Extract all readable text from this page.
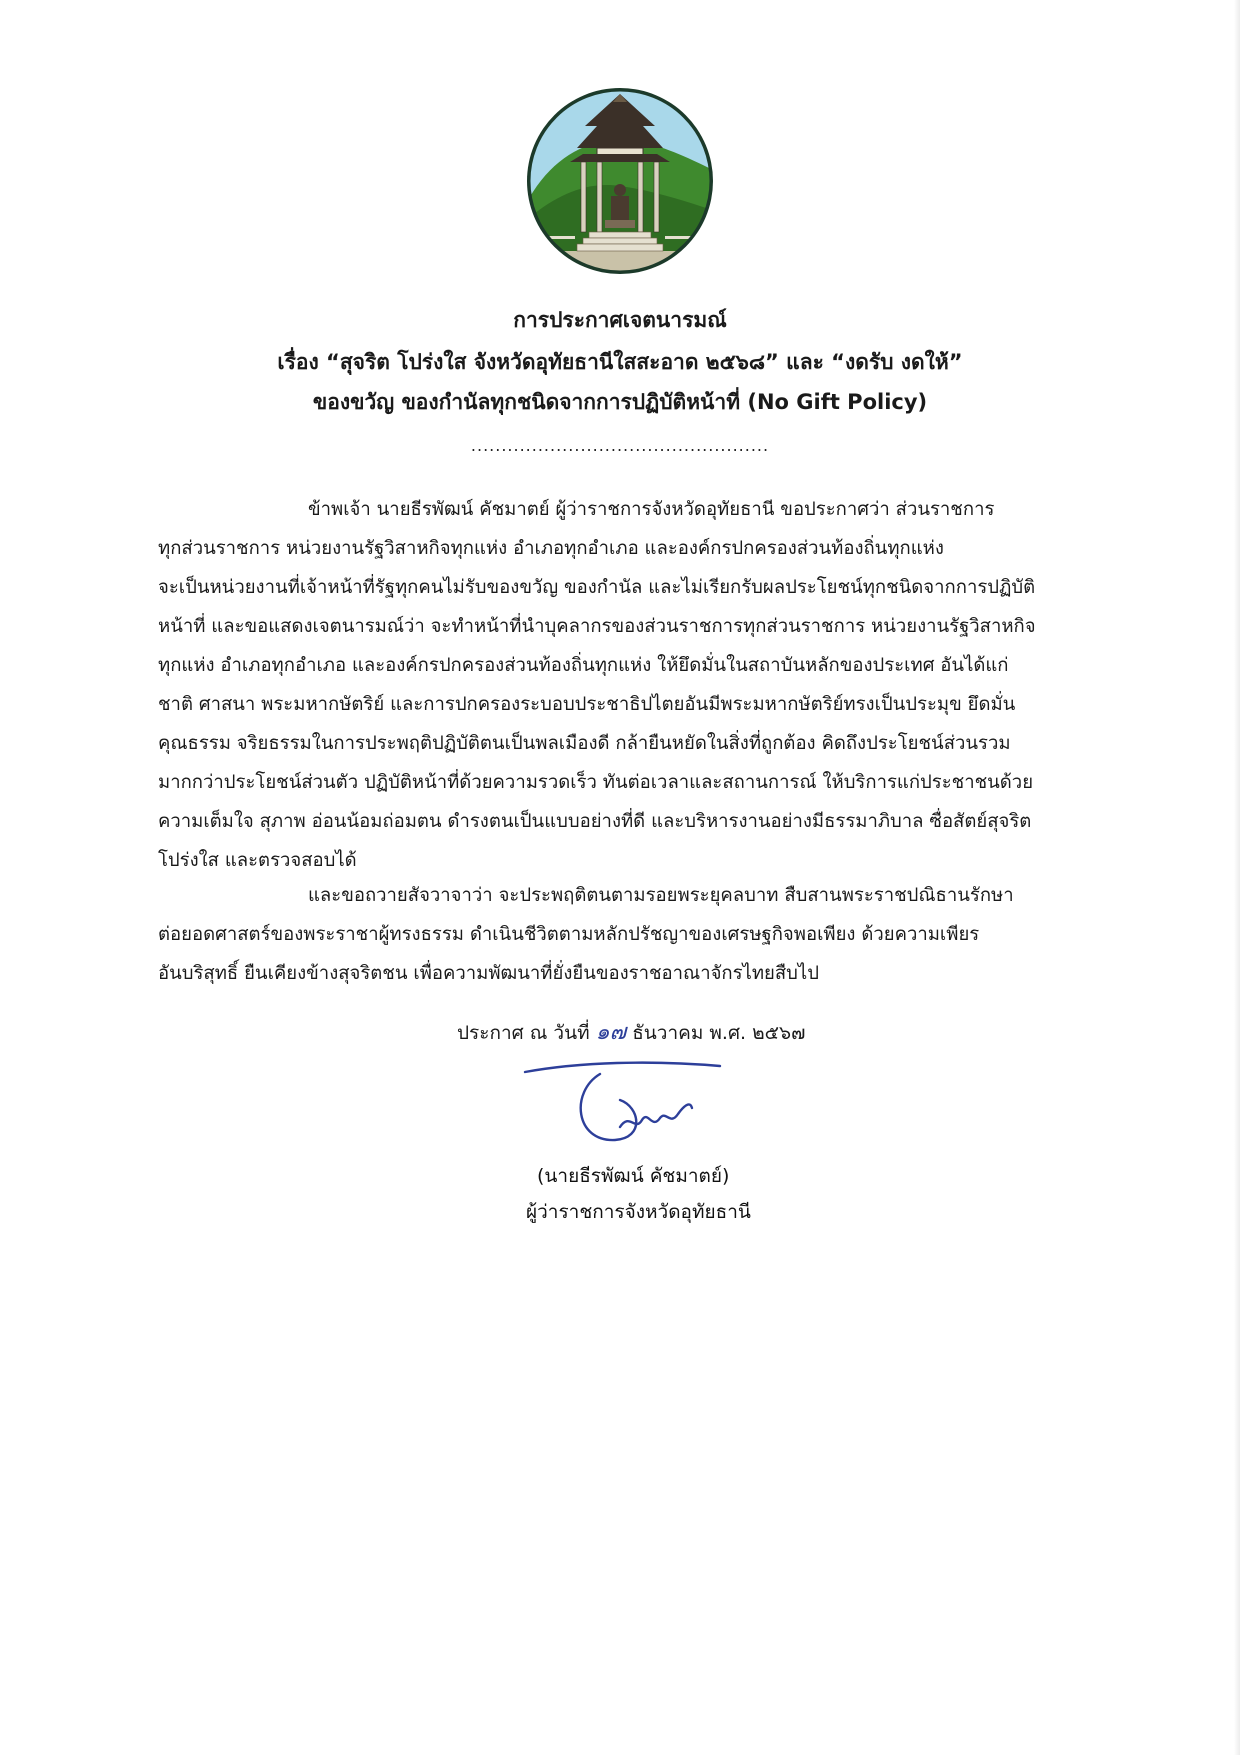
การประกาศเจตนารมณ์
เรื่อง “สุจริต โปร่งใส จังหวัดอุทัยธานีใสสะอาด ๒๕๖๘” และ “งดรับ งดให้”
ของขวัญ ของกำนัลทุกชนิดจากการปฏิบัติหน้าที่ (No Gift Policy)
.................................................
ข้าพเจ้า นายธีรพัฒน์ คัชมาตย์ ผู้ว่าราชการจังหวัดอุทัยธานี ขอประกาศว่า ส่วนราชการ
ทุกส่วนราชการ หน่วยงานรัฐวิสาหกิจทุกแห่ง อำเภอทุกอำเภอ และองค์กรปกครองส่วนท้องถิ่นทุกแห่ง
จะเป็นหน่วยงานที่เจ้าหน้าที่รัฐทุกคนไม่รับของขวัญ ของกำนัล และไม่เรียกรับผลประโยชน์ทุกชนิดจากการปฏิบัติ
หน้าที่ และขอแสดงเจตนารมณ์ว่า จะทำหน้าที่นำบุคลากรของส่วนราชการทุกส่วนราชการ หน่วยงานรัฐวิสาหกิจ
ทุกแห่ง อำเภอทุกอำเภอ และองค์กรปกครองส่วนท้องถิ่นทุกแห่ง ให้ยึดมั่นในสถาบันหลักของประเทศ อันได้แก่
ชาติ ศาสนา พระมหากษัตริย์ และการปกครองระบอบประชาธิปไตยอันมีพระมหากษัตริย์ทรงเป็นประมุข ยึดมั่น
คุณธรรม จริยธรรมในการประพฤติปฏิบัติตนเป็นพลเมืองดี กล้ายืนหยัดในสิ่งที่ถูกต้อง คิดถึงประโยชน์ส่วนรวม
มากกว่าประโยชน์ส่วนตัว ปฏิบัติหน้าที่ด้วยความรวดเร็ว ทันต่อเวลาและสถานการณ์ ให้บริการแก่ประชาชนด้วย
ความเต็มใจ สุภาพ อ่อนน้อมถ่อมตน ดำรงตนเป็นแบบอย่างที่ดี และบริหารงานอย่างมีธรรมาภิบาล ซื่อสัตย์สุจริต
โปร่งใส และตรวจสอบได้
และขอถวายสัจวาจาว่า จะประพฤติตนตามรอยพระยุคลบาท สืบสานพระราชปณิธานรักษา
ต่อยอดศาสตร์ของพระราชาผู้ทรงธรรม ดำเนินชีวิตตามหลักปรัชญาของเศรษฐกิจพอเพียง ด้วยความเพียร
อันบริสุทธิ์ ยืนเคียงข้างสุจริตชน เพื่อความพัฒนาที่ยั่งยืนของราชอาณาจักรไทยสืบไป
ประกาศ ณ วันที่ ๑๗ ธันวาคม พ.ศ. ๒๕๖๗
(นายธีรพัฒน์ คัชมาตย์)
ผู้ว่าราชการจังหวัดอุทัยธานี
